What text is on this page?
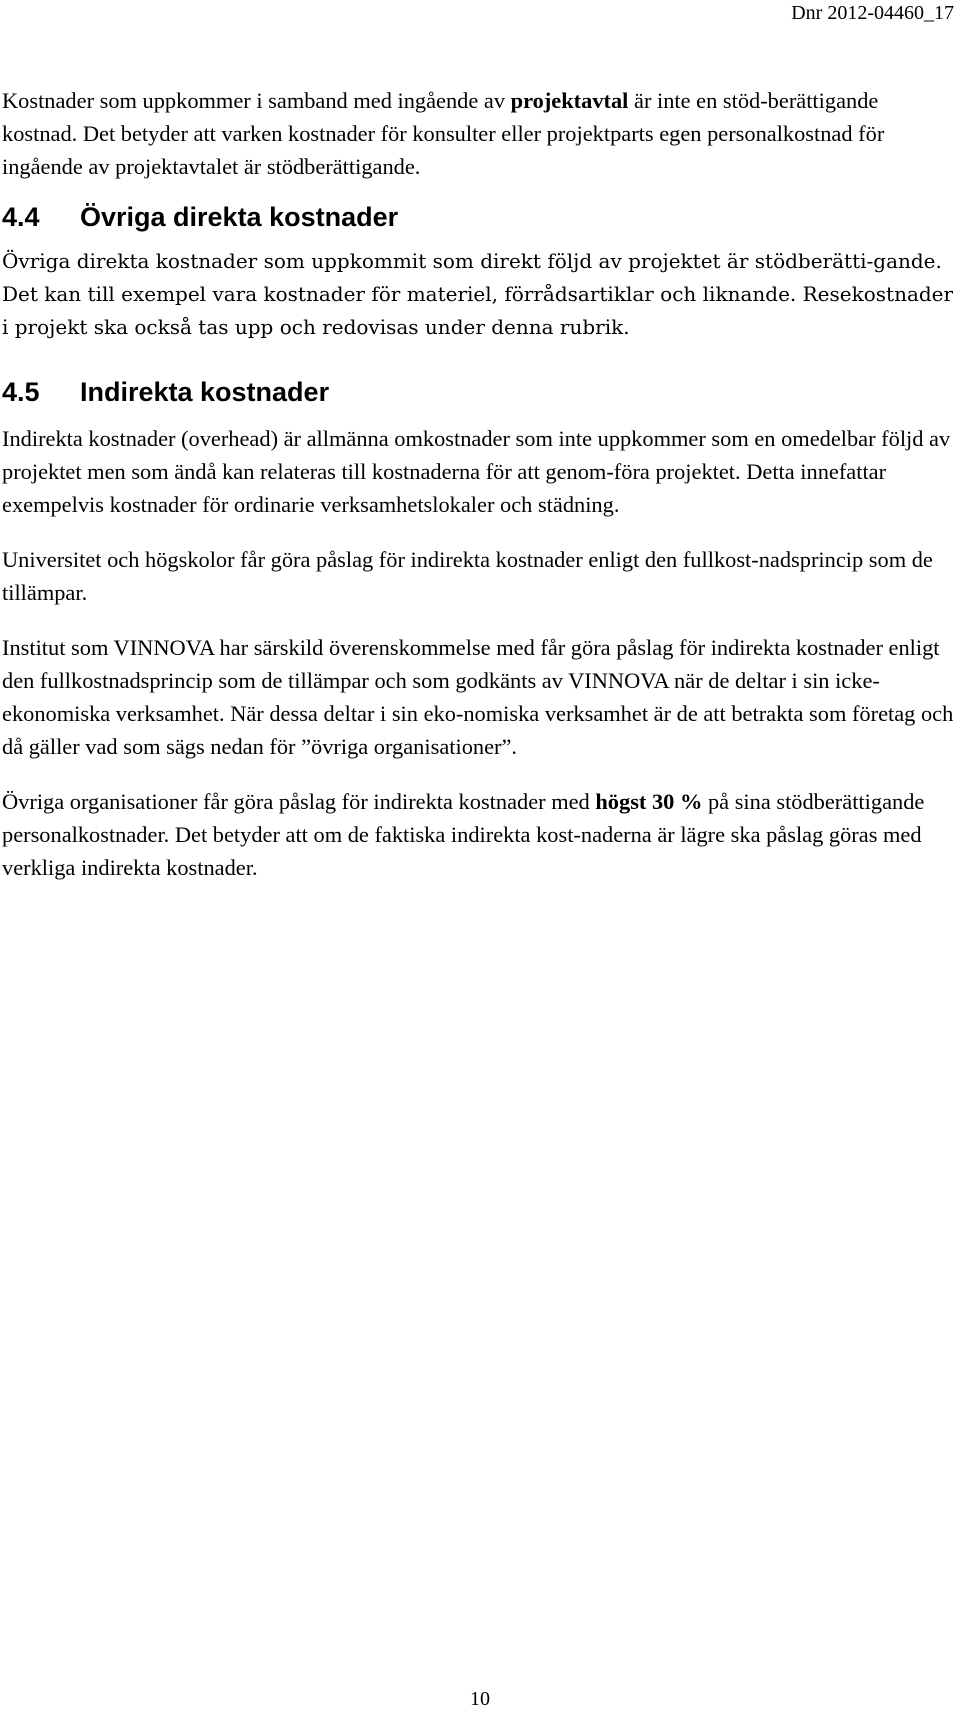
Dnr 2012-04460_17

Kostnader som uppkommer i samband med ingående av projektavtal är inte en stöd-berättigande kostnad. Det betyder att varken kostnader för konsulter eller projektparts egen personalkostnad för ingående av projektavtalet är stödberättigande.

4.4 Övriga direkta kostnader

Övriga direkta kostnader som uppkommit som direkt följd av projektet är stödberätti-gande. Det kan till exempel vara kostnader för materiel, förrådsartiklar och liknande. Resekostnader i projekt ska också tas upp och redovisas under denna rubrik.

4.5 Indirekta kostnader

Indirekta kostnader (overhead) är allmänna omkostnader som inte uppkommer som en omedelbar följd av projektet men som ändå kan relateras till kostnaderna för att genom-föra projektet. Detta innefattar exempelvis kostnader för ordinarie verksamhetslokaler och städning.

Universitet och högskolor får göra påslag för indirekta kostnader enligt den fullkost-nadsprincip som de tillämpar.

Institut som VINNOVA har särskild överenskommelse med får göra påslag för indirekta kostnader enligt den fullkostnadsprincip som de tillämpar och som godkänts av VINNOVA när de deltar i sin icke-ekonomiska verksamhet. När dessa deltar i sin eko-nomiska verksamhet är de att betrakta som företag och då gäller vad som sägs nedan för ”övriga organisationer”.

Övriga organisationer får göra påslag för indirekta kostnader med högst 30 % på sina stödberättigande personalkostnader. Det betyder att om de faktiska indirekta kost-naderna är lägre ska påslag göras med verkliga indirekta kostnader.

10
